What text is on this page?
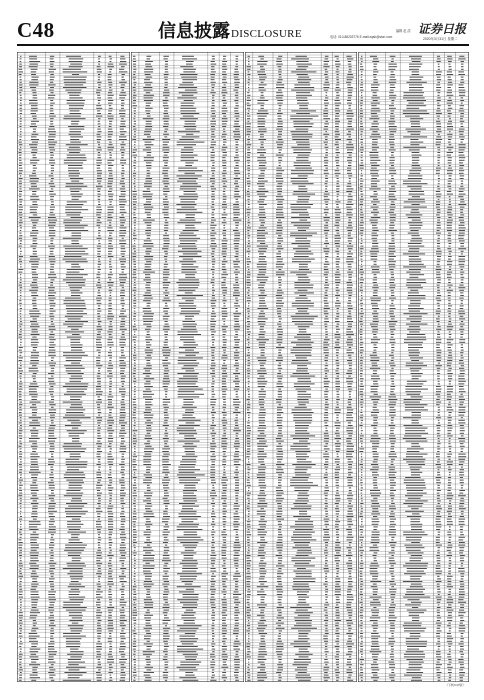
C48	信息披露DISCLOSURE	编辑 赵 清
电话: 010-88203776 E-mail:zqsb@stcn.com
证券日报
2020年3月31日 星期二
（下转C47版）
